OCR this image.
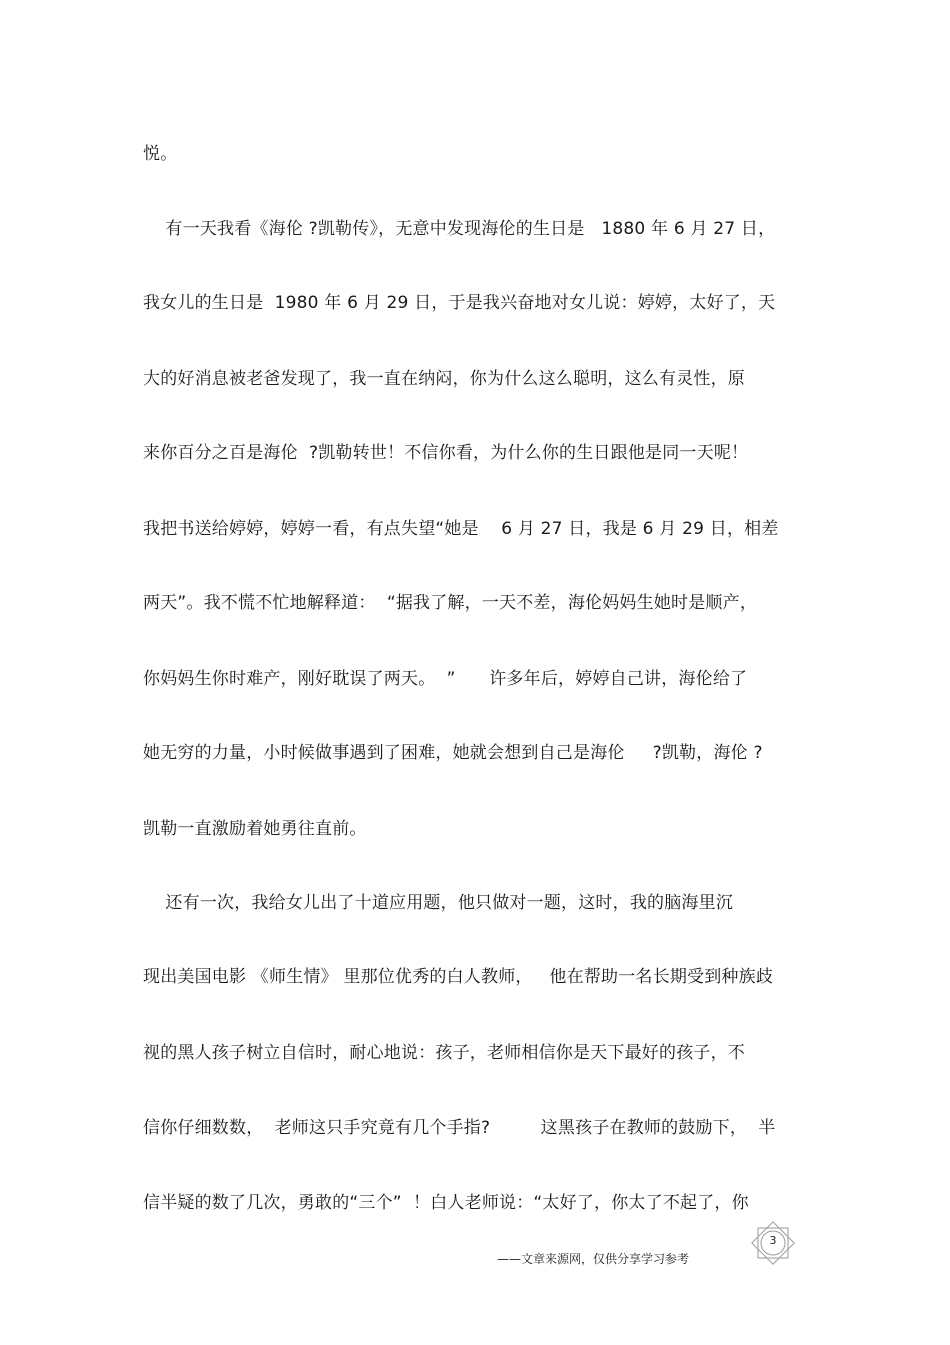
悦。
有一天我看《海伦 ?凯勒传》，无意中发现海伦的生日是   1880 年 6 月 27 日，
我女儿的生日是  1980 年 6 月 29 日，于是我兴奋地对女儿说：婷婷，太好了，天
大的好消息被老爸发现了，我一直在纳闷，你为什么这么聪明，这么有灵性，原
来你百分之百是海伦  ?凯勒转世！不信你看，为什么你的生日跟他是同一天呢！
我把书送给婷婷，婷婷一看，有点失望“她是    6 月 27 日，我是 6 月 29 日，相差
两天”。我不慌不忙地解释道：  “据我了解，一天不差，海伦妈妈生她时是顺产，
你妈妈生你时难产，刚好耽误了两天。  ”      许多年后，婷婷自己讲，海伦给了
她无穷的力量，小时候做事遇到了困难，她就会想到自己是海伦     ?凯勒，海伦 ?
凯勒一直激励着她勇往直前。
还有一次，我给女儿出了十道应用题，他只做对一题，这时，我的脑海里沉
现出美国电影 《师生情》 里那位优秀的白人教师，   他在帮助一名长期受到种族歧
视的黑人孩子树立自信时，耐心地说：孩子，老师相信你是天下最好的孩子，不
信你仔细数数，  老师这只手究竟有几个手指?         这黑孩子在教师的鼓励下，  半
信半疑的数了几次，勇敢的“三个”  ！白人老师说：“太好了，你太了不起了，你
——文章来源网，仅供分享学习参考
3
